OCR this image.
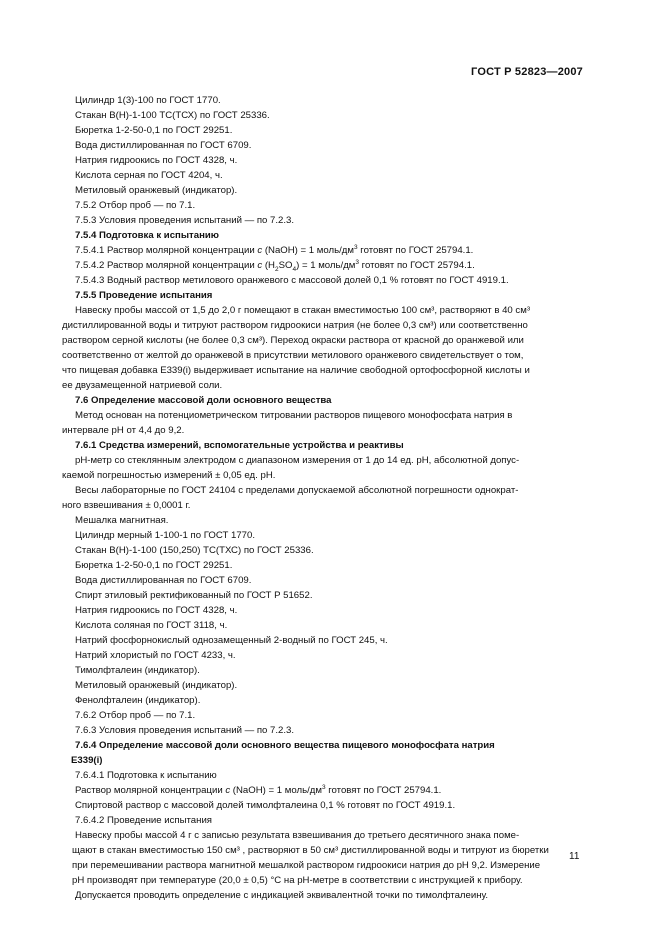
ГОСТ Р 52823—2007
Цилиндр 1(3)-100 по ГОСТ 1770.
Стакан В(Н)-1-100 ТС(ТСХ) по ГОСТ 25336.
Бюретка 1-2-50-0,1 по ГОСТ 29251.
Вода дистиллированная по ГОСТ 6709.
Натрия гидроокись по ГОСТ 4328, ч.
Кислота серная по ГОСТ 4204, ч.
Метиловый оранжевый (индикатор).
7.5.2 Отбор проб — по 7.1.
7.5.3 Условия проведения испытаний — по 7.2.3.
7.5.4 Подготовка к испытанию
7.5.4.1 Раствор молярной концентрации c (NaOH) = 1 моль/$дм^3$ готовят по ГОСТ 25794.1.
7.5.4.2 Раствор молярной концентрации c $(H_2SO_4) = 1$ моль/$дм^3$ готовят по ГОСТ 25794.1.
7.5.4.3 Водный раствор метилового оранжевого с массовой долей 0,1 % готовят по ГОСТ 4919.1.
7.5.5 Проведение испытания
Навеску пробы массой от 1,5 до 2,0 г помещают в стакан вместимостью 100 см³, растворяют в 40 см³
дистиллированной воды и титруют раствором гидроокиси натрия (не более 0,3 см³) или соответственно
раствором серной кислоты (не более 0,3 см³). Переход окраски раствора от красной до оранжевой или
соответственно от желтой до оранжевой в присутствии метилового оранжевого свидетельствует о том,
что пищевая добавка Е339(i) выдерживает испытание на наличие свободной ортофосфорной кислоты и
ее двузамещенной натриевой соли.
7.6 Определение массовой доли основного вещества
Метод основан на потенциометрическом титровании растворов пищевого монофосфата натрия в
интервале pH от 4,4 до 9,2.
7.6.1 Средства измерений, вспомогательные устройства и реактивы
pH-метр со стеклянным электродом с диапазоном измерения от 1 до 14 ед. pH, абсолютной допус-
каемой погрешностью измерений ± 0,05 ед. pH.
Весы лабораторные по ГОСТ 24104 с пределами допускаемой абсолютной погрешности однократ-
ного взвешивания ± 0,0001 г.
Мешалка магнитная.
Цилиндр мерный 1-100-1 по ГОСТ 1770.
Стакан В(Н)-1-100 (150,250) ТС(ТХС) по ГОСТ 25336.
Бюретка 1-2-50-0,1 по ГОСТ 29251.
Вода дистиллированная по ГОСТ 6709.
Спирт этиловый ректификованный по ГОСТ Р 51652.
Натрия гидроокись по ГОСТ 4328, ч.
Кислота соляная по ГОСТ 3118, ч.
Натрий фосфорнокислый однозамещенный 2-водный по ГОСТ 245, ч.
Натрий хлористый по ГОСТ 4233, ч.
Тимолфталеин (индикатор).
Метиловый оранжевый (индикатор).
Фенолфталеин (индикатор).
7.6.2 Отбор проб — по 7.1.
7.6.3 Условия проведения испытаний — по 7.2.3.
7.6.4 Определение массовой доли основного вещества пищевого монофосфата натрия
Е339(i)
7.6.4.1 Подготовка к испытанию
Раствор молярной концентрации c (NaOH) = 1 моль/$дм^3$ готовят по ГОСТ 25794.1.
Спиртовой раствор с массовой долей тимолфталеина 0,1 % готовят по ГОСТ 4919.1.
7.6.4.2 Проведение испытания
Навеску пробы массой 4 г с записью результата взвешивания до третьего десятичного знака поме-
щают в стакан вместимостью 150 см³ , растворяют в 50 см³ дистиллированной воды и титруют из бюретки
при перемешивании раствора магнитной мешалкой раствором гидроокиси натрия до pH 9,2. Измерение
pH производят при температуре (20,0 ± 0,5) °С на pH-метре в соответствии с инструкцией к прибору.
Допускается проводить определение с индикацией эквивалентной точки по тимолфталеину.
11
